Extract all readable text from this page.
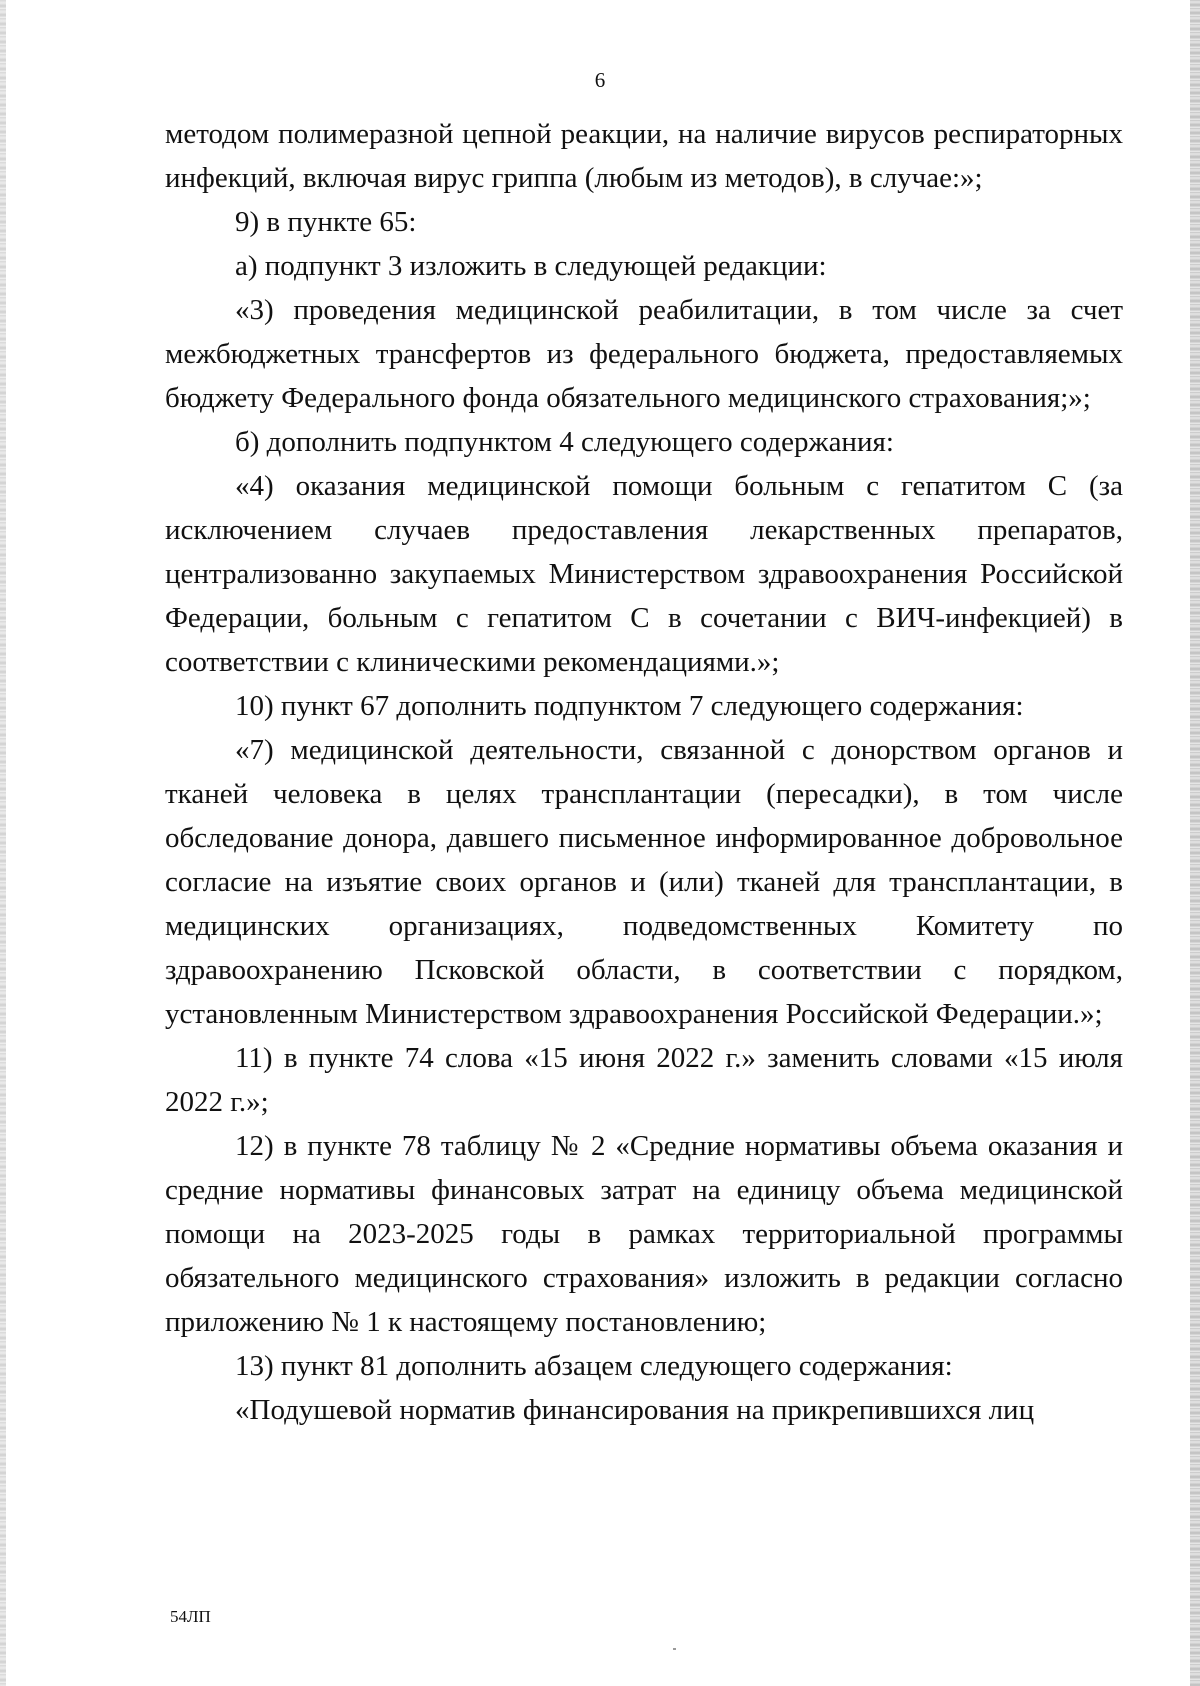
6

методом полимеразной цепной реакции, на наличие вирусов респираторных инфекций, включая вирус гриппа (любым из методов), в случае:»;

9) в пункте 65:

а) подпункт 3 изложить в следующей редакции:

«3) проведения медицинской реабилитации, в том числе за счет межбюджетных трансфертов из федерального бюджета, предоставляемых бюджету Федерального фонда обязательного медицинского страхования;»;

б) дополнить подпунктом 4 следующего содержания:

«4) оказания медицинской помощи больным с гепатитом С (за исключением случаев предоставления лекарственных препаратов, централизованно закупаемых Министерством здравоохранения Российской Федерации, больным с гепатитом С в сочетании с ВИЧ-инфекцией) в соответствии с клиническими рекомендациями.»;

10) пункт 67 дополнить подпунктом 7 следующего содержания:

«7) медицинской деятельности, связанной с донорством органов и тканей человека в целях трансплантации (пересадки), в том числе обследование донора, давшего письменное информированное добровольное согласие на изъятие своих органов и (или) тканей для трансплантации, в медицинских организациях, подведомственных Комитету по здравоохранению Псковской области, в соответствии с порядком, установленным Министерством здравоохранения Российской Федерации.»;

11) в пункте 74 слова «15 июня 2022 г.» заменить словами «15 июля 2022 г.»;

12) в пункте 78 таблицу № 2 «Средние нормативы объема оказания и средние нормативы финансовых затрат на единицу объема медицинской помощи на 2023-2025 годы в рамках территориальной программы обязательного медицинского страхования» изложить в редакции согласно приложению № 1 к настоящему постановлению;

13) пункт 81 дополнить абзацем следующего содержания:

«Подушевой норматив финансирования на прикрепившихся лиц

54ЛП
